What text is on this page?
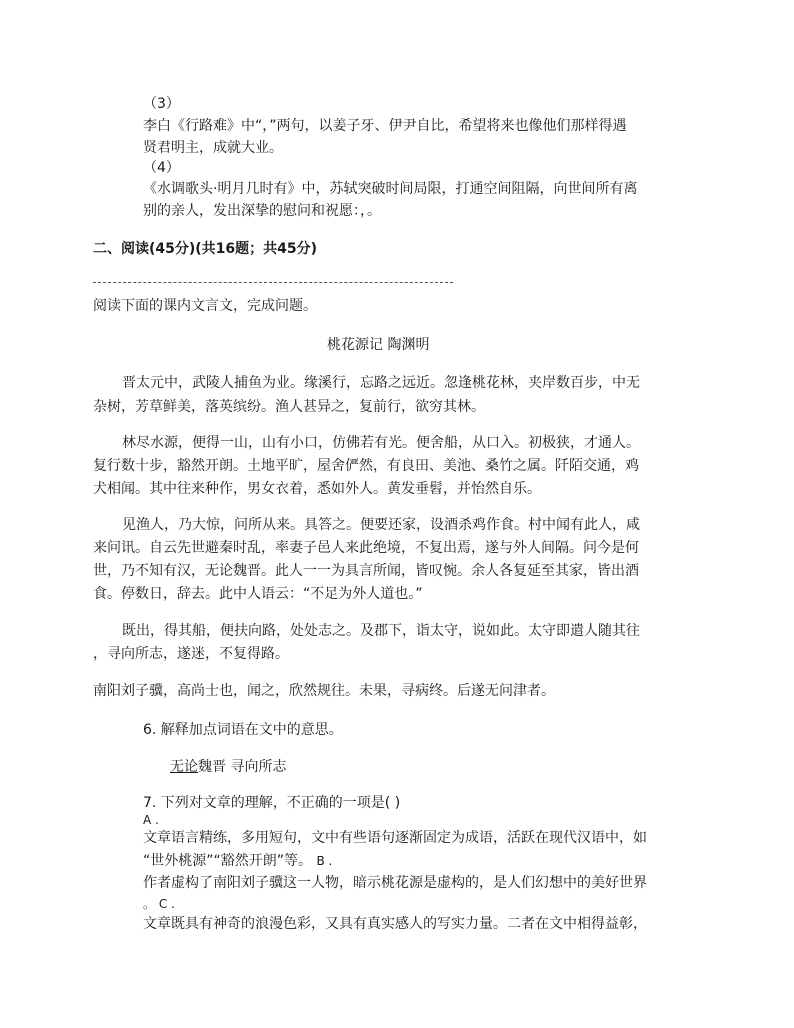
（3）
李白《行路难》中“，”两句，以姜子牙、伊尹自比，希望将来也像他们那样得遇
贤君明主，成就大业。
（4）
《水调歌头·明月几时有》中，苏轼突破时间局限，打通空间阻隔，向世间所有离
别的亲人，发出深挚的慰问和祝愿：，。
二、阅读(45分)(共16题；共45分)
阅读下面的课内文言文，完成问题。
桃花源记 陶渊明
晋太元中，武陵人捕鱼为业。缘溪行，忘路之远近。忽逢桃花林，夹岸数百步，中无
杂树，芳草鲜美，落英缤纷。渔人甚异之，复前行，欲穷其林。
林尽水源，便得一山，山有小口，仿佛若有光。便舍船，从口入。初极狭，才通人。
复行数十步，豁然开朗。土地平旷，屋舍俨然，有良田、美池、桑竹之属。阡陌交通，鸡
犬相闻。其中往来种作，男女衣着，悉如外人。黄发垂髫，并怡然自乐。
见渔人，乃大惊，问所从来。具答之。便要还家，设酒杀鸡作食。村中闻有此人，咸
来问讯。自云先世避秦时乱，率妻子邑人来此绝境，不复出焉，遂与外人间隔。问今是何
世，乃不知有汉，无论魏晋。此人一一为具言所闻，皆叹惋。余人各复延至其家，皆出酒
食。停数日，辞去。此中人语云：“不足为外人道也。”
既出，得其船，便扶向路，处处志之。及郡下，诣太守，说如此。太守即遣人随其往
，寻向所志，遂迷，不复得路。
南阳刘子骥，高尚士也，闻之，欣然规往。未果，寻病终。后遂无问津者。
6. 解释加点词语在文中的意思。
无论魏晋 寻向所志
7. 下列对文章的理解，不正确的一项是( )
A .
文章语言精练，多用短句，文中有些语句逐渐固定为成语，活跃在现代汉语中，如
“世外桃源”“豁然开朗”等。 B .
作者虚构了南阳刘子骥这一人物，暗示桃花源是虚构的，是人们幻想中的美好世界
。 C .
文章既具有神奇的浪漫色彩，又具有真实感人的写实力量。二者在文中相得益彰，
